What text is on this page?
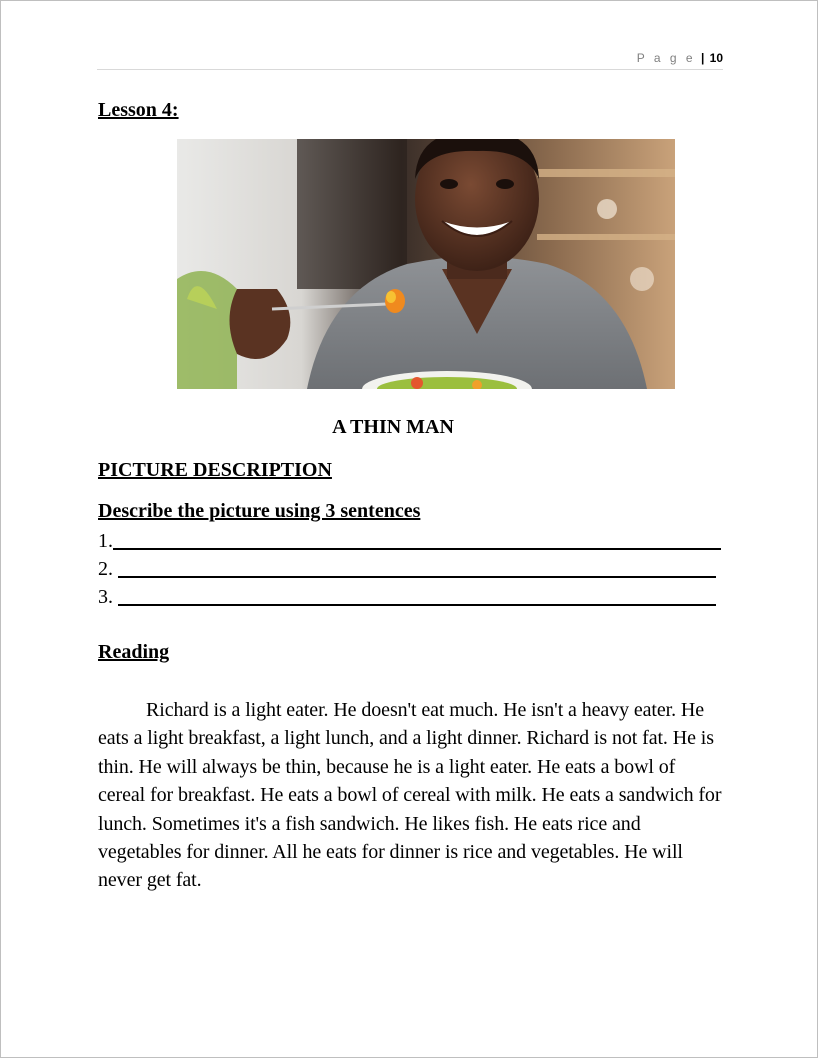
P a g e | 10
Lesson 4:

A THIN MAN

PICTURE DESCRIPTION

Describe the picture using 3 sentences

1.
2.
3.

Reading

Richard is a light eater. He doesn't eat much. He isn't a heavy eater. He eats a light breakfast, a light lunch, and a light dinner. Richard is not fat. He is thin. He will always be thin, because he is a light eater. He eats a bowl of cereal for breakfast. He eats a bowl of cereal with milk. He eats a sandwich for lunch. Sometimes it's a fish sandwich. He likes fish. He eats rice and vegetables for dinner. All he eats for dinner is rice and vegetables. He will never get fat.
